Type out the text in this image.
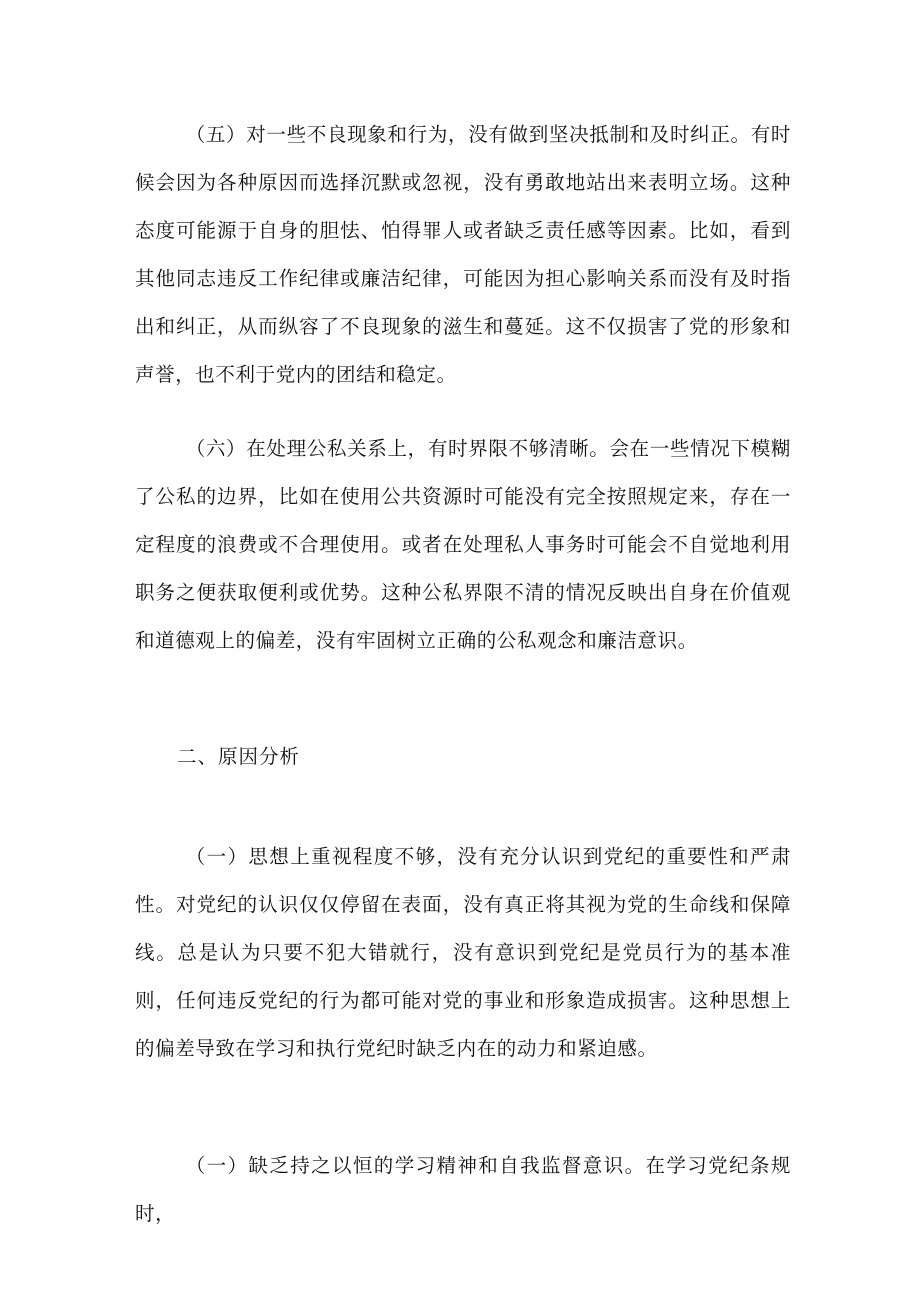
（五）对一些不良现象和行为，没有做到坚决抵制和及时纠正。有时候会因为各种原因而选择沉默或忽视，没有勇敢地站出来表明立场。这种态度可能源于自身的胆怯、怕得罪人或者缺乏责任感等因素。比如，看到其他同志违反工作纪律或廉洁纪律，可能因为担心影响关系而没有及时指出和纠正，从而纵容了不良现象的滋生和蔓延。这不仅损害了党的形象和声誉，也不利于党内的团结和稳定。

（六）在处理公私关系上，有时界限不够清晰。会在一些情况下模糊了公私的边界，比如在使用公共资源时可能没有完全按照规定来，存在一定程度的浪费或不合理使用。或者在处理私人事务时可能会不自觉地利用职务之便获取便利或优势。这种公私界限不清的情况反映出自身在价值观和道德观上的偏差，没有牢固树立正确的公私观念和廉洁意识。

二、原因分析

（一）思想上重视程度不够，没有充分认识到党纪的重要性和严肃性。对党纪的认识仅仅停留在表面，没有真正将其视为党的生命线和保障线。总是认为只要不犯大错就行，没有意识到党纪是党员行为的基本准则，任何违反党纪的行为都可能对党的事业和形象造成损害。这种思想上的偏差导致在学习和执行党纪时缺乏内在的动力和紧迫感。

（一）缺乏持之以恒的学习精神和自我监督意识。在学习党纪条规时，
